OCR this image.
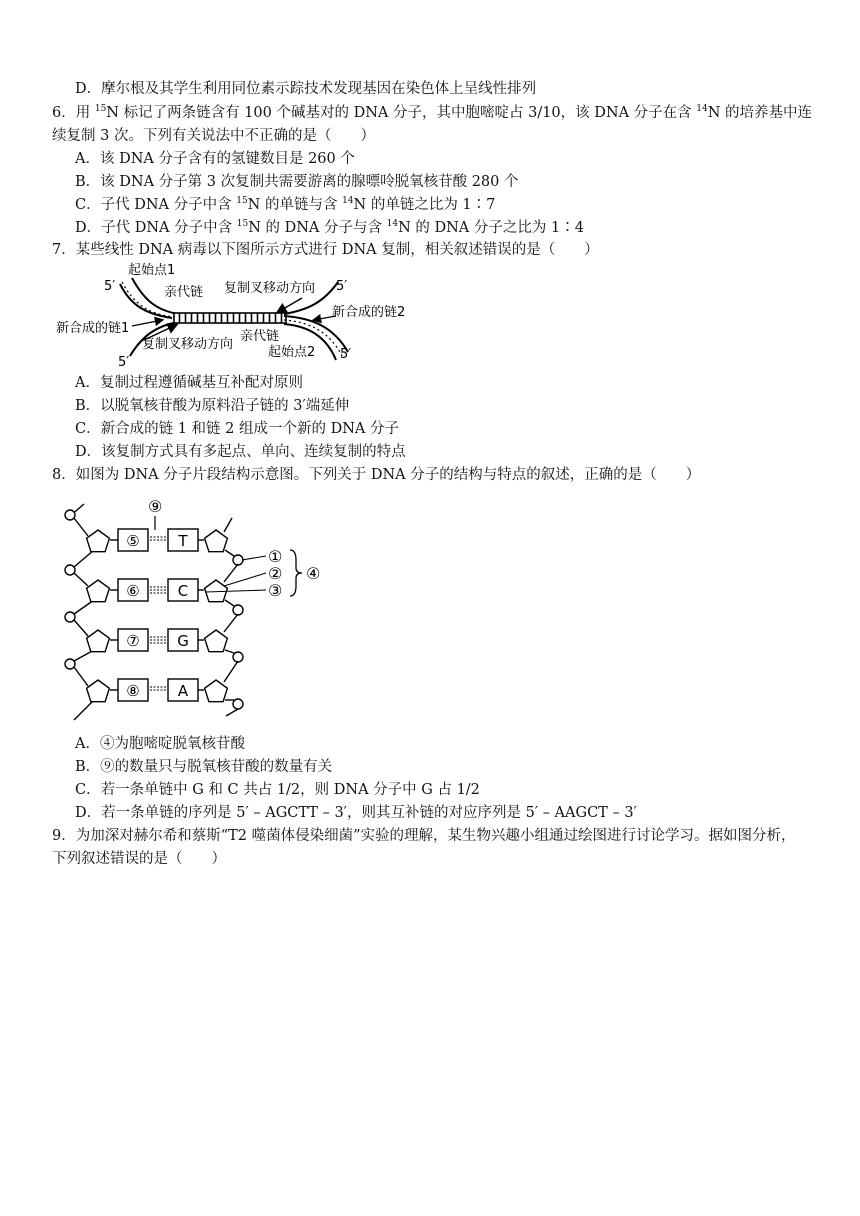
D．摩尔根及其学生利用同位素示踪技术发现基因在染色体上呈线性排列
6．用 $^{15}$N 标记了两条链含有 100 个碱基对的 DNA 分子，其中胞嘧啶占 3/10，该 DNA 分子在含 $^{14}$N 的培养基中连
续复制 3 次。下列有关说法中不正确的是（　　）
A．该 DNA 分子含有的氢键数目是 260 个
B．该 DNA 分子第 3 次复制共需要游离的腺嘌呤脱氧核苷酸 280 个
C．子代 DNA 分子中含 $^{15}$N 的单链与含 $^{14}$N 的单链之比为 1∶7
D．子代 DNA 分子中含 $^{15}$N 的 DNA 分子与含 $^{14}$N 的 DNA 分子之比为 1∶4
7．某些线性 DNA 病毒以下图所示方式进行 DNA 复制，相关叙述错误的是（　　）
起始点1
5′	亲代链 复制叉移动方向 5′
新合成的链2
新合成的链1
亲代链
复制叉移动方向
起始点2
5′
5′
A．复制过程遵循碱基互补配对原则
B．以脱氧核苷酸为原料沿子链的 3′端延伸
C．新合成的链 1 和链 2 组成一个新的 DNA 分子
D．该复制方式具有多起点、单向、连续复制的特点
8．如图为 DNA 分子片段结构示意图。下列关于 DNA 分子的结构与特点的叙述，正确的是（　　）
⑨
⑤	T
⑥	C
⑦ G
⑧	A
①
②
③
④
A．④为胞嘧啶脱氧核苷酸
B．⑨的数量只与脱氧核苷酸的数量有关
C．若一条单链中 G 和 C 共占 1/2，则 DNA 分子中 G 占 1/2
D．若一条单链的序列是 5′ – AGCTT – 3′，则其互补链的对应序列是 5′ – AAGCT – 3′
9．为加深对赫尔希和蔡斯“T2 噬菌体侵染细菌”实验的理解，某生物兴趣小组通过绘图进行讨论学习。据如图分析，
下列叙述错误的是（　　）
